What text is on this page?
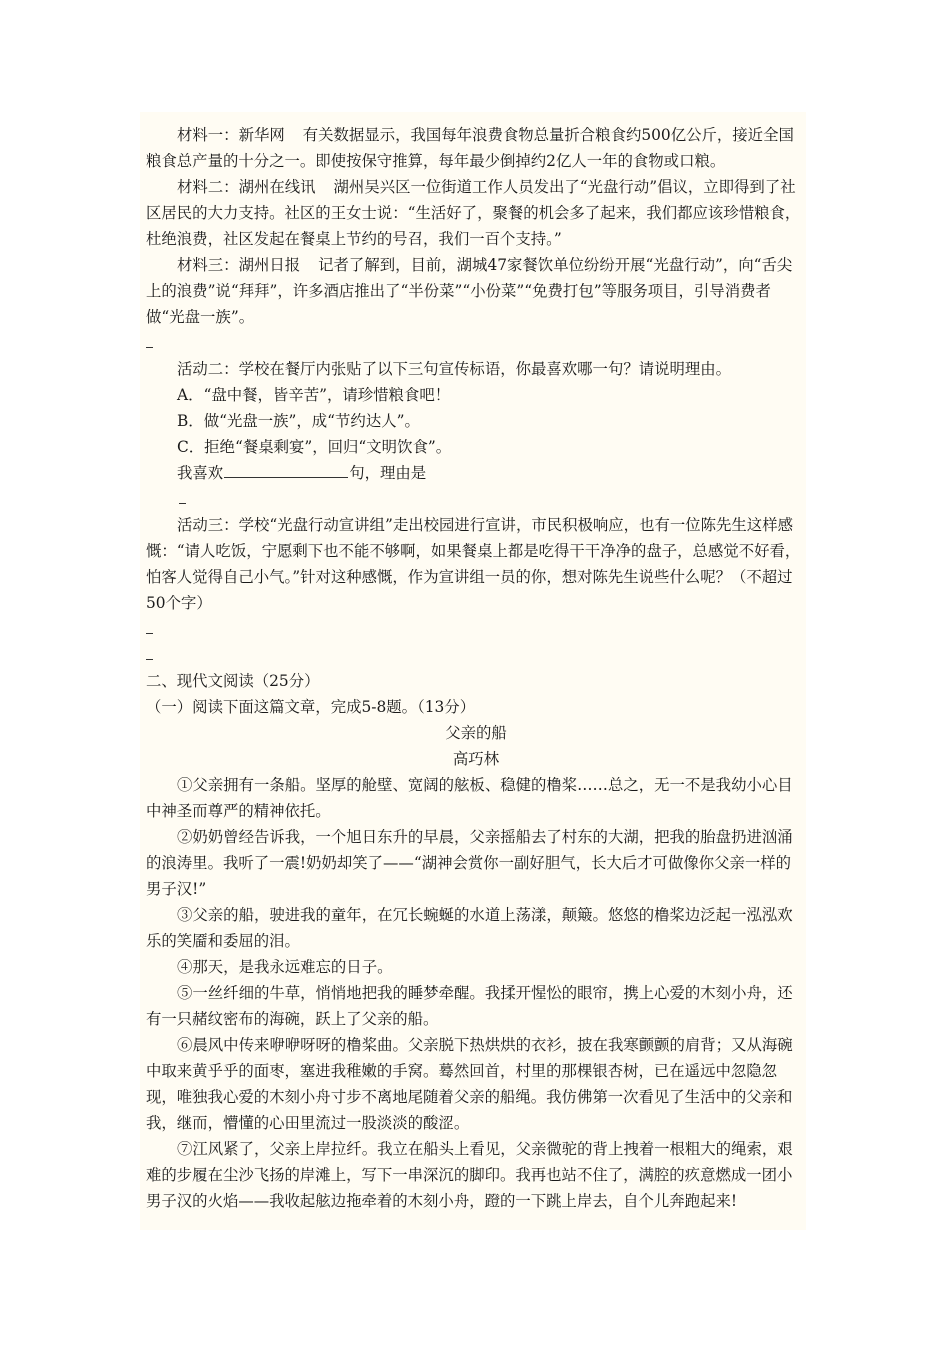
材料一：新华网 有关数据显示，我国每年浪费食物总量折合粮食约500亿公斤，接近全国粮食总产量的十分之一。即使按保守推算，每年最少倒掉约2亿人一年的食物或口粮。

材料二：湖州在线讯 湖州吴兴区一位街道工作人员发出了“光盘行动”倡议，立即得到了社区居民的大力支持。社区的王女士说：“生活好了，聚餐的机会多了起来，我们都应该珍惜粮食，杜绝浪费，社区发起在餐桌上节约的号召，我们一百个支持。”

材料三：湖州日报 记者了解到，目前，湖城47家餐饮单位纷纷开展“光盘行动”，向“舌尖上的浪费”说“拜拜”，许多酒店推出了“半份菜”“小份菜”“免费打包”等服务项目，引导消费者做“光盘一族”。

活动二：学校在餐厅内张贴了以下三句宣传标语，你最喜欢哪一句？请说明理由。

A．“盘中餐，皆辛苦”，请珍惜粮食吧！

B．做“光盘一族”，成“节约达人”。

C．拒绝“餐桌剩宴”，回归“文明饮食”。

我喜欢	句，理由是

活动三：学校“光盘行动宣讲组”走出校园进行宣讲，市民积极响应，也有一位陈先生这样感慨：“请人吃饭，宁愿剩下也不能不够啊，如果餐桌上都是吃得干干净净的盘子，总感觉不好看，怕客人觉得自己小气。”针对这种感慨，作为宣讲组一员的你，想对陈先生说些什么呢？（不超过50个字）

二、现代文阅读（25分）

（一）阅读下面这篇文章，完成5-8题。（13分）

父亲的船

高巧林

①父亲拥有一条船。坚厚的舱壁、宽阔的舷板、稳健的橹桨……总之，无一不是我幼小心目中神圣而尊严的精神依托。

②奶奶曾经告诉我，一个旭日东升的早晨，父亲摇船去了村东的大湖，把我的胎盘扔进汹涌的浪涛里。我听了一震!奶奶却笑了——“湖神会赏你一副好胆气，长大后才可做像你父亲一样的男子汉!”

③父亲的船，驶进我的童年，在冗长蜿蜒的水道上荡漾，颠簸。悠悠的橹桨边泛起一泓泓欢乐的笑靥和委屈的泪。

④那天，是我永远难忘的日子。

⑤一丝纤细的牛草，悄悄地把我的睡梦牵醒。我揉开惺忪的眼帘，携上心爱的木刻小舟，还有一只赭纹密布的海碗，跃上了父亲的船。

⑥晨风中传来咿咿呀呀的橹桨曲。父亲脱下热烘烘的衣衫，披在我寒颤颤的肩背；又从海碗中取来黄乎乎的面枣，塞进我稚嫩的手窝。蓦然回首，村里的那棵银杏树，已在遥远中忽隐忽现，唯独我心爱的木刻小舟寸步不离地尾随着父亲的船绳。我仿佛第一次看见了生活中的父亲和我，继而，懵懂的心田里流过一股淡淡的酸涩。

⑦江风紧了，父亲上岸拉纤。我立在船头上看见，父亲微驼的背上拽着一根粗大的绳索，艰难的步履在尘沙飞扬的岸滩上，写下一串深沉的脚印。我再也站不住了，满腔的疚意燃成一团小男子汉的火焰——我收起舷边拖牵着的木刻小舟，蹬的一下跳上岸去，自个儿奔跑起来!
